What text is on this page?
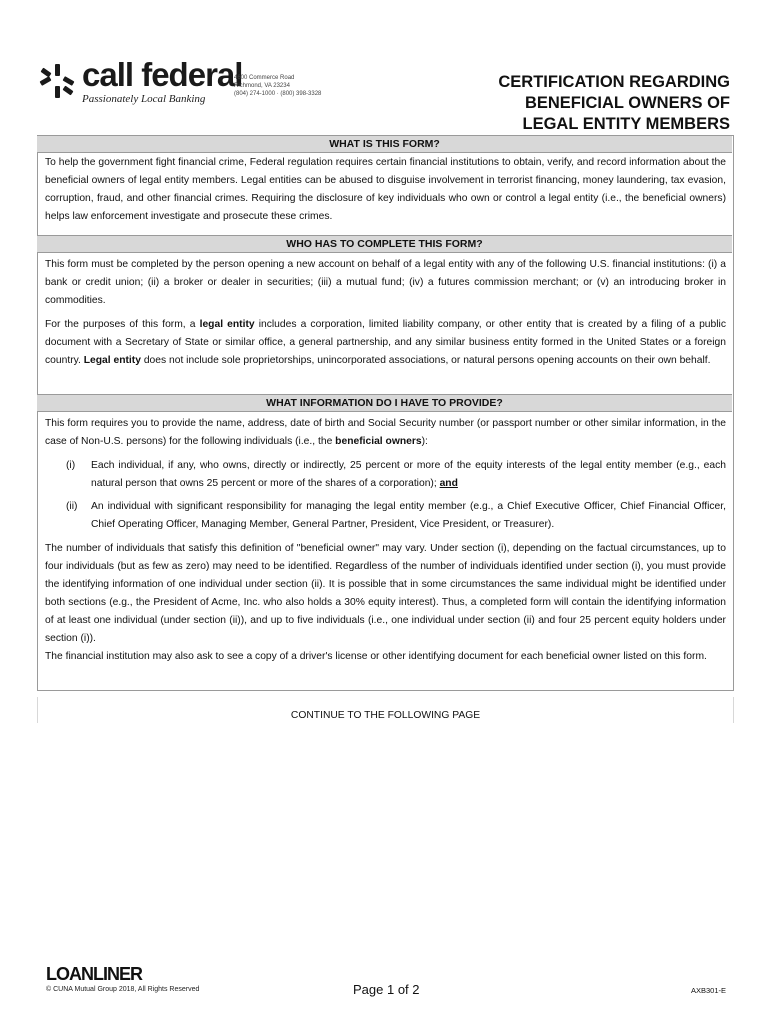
call federal
Passionately Local Banking
4600 Commerce Road
Richmond, VA 23234
(804) 274-1000 · (800) 398-3328
CERTIFICATION REGARDING
BENEFICIAL OWNERS OF
LEGAL ENTITY MEMBERS
WHAT IS THIS FORM?
To help the government fight financial crime, Federal regulation requires certain financial institutions to obtain, verify, and record information about the beneficial owners of legal entity members. Legal entities can be abused to disguise involvement in terrorist financing, money laundering, tax evasion, corruption, fraud, and other financial crimes. Requiring the disclosure of key individuals who own or control a legal entity (i.e., the beneficial owners) helps law enforcement investigate and prosecute these crimes.
WHO HAS TO COMPLETE THIS FORM?
This form must be completed by the person opening a new account on behalf of a legal entity with any of the following U.S. financial institutions: (i) a bank or credit union; (ii) a broker or dealer in securities; (iii) a mutual fund; (iv) a futures commission merchant; or (v) an introducing broker in commodities.
For the purposes of this form, a legal entity includes a corporation, limited liability company, or other entity that is created by a filing of a public document with a Secretary of State or similar office, a general partnership, and any similar business entity formed in the United States or a foreign country. Legal entity does not include sole proprietorships, unincorporated associations, or natural persons opening accounts on their own behalf.
WHAT INFORMATION DO I HAVE TO PROVIDE?
This form requires you to provide the name, address, date of birth and Social Security number (or passport number or other similar information, in the case of Non-U.S. persons) for the following individuals (i.e., the beneficial owners):
(i) Each individual, if any, who owns, directly or indirectly, 25 percent or more of the equity interests of the legal entity member (e.g., each natural person that owns 25 percent or more of the shares of a corporation); and
(ii) An individual with significant responsibility for managing the legal entity member (e.g., a Chief Executive Officer, Chief Financial Officer, Chief Operating Officer, Managing Member, General Partner, President, Vice President, or Treasurer).
The number of individuals that satisfy this definition of "beneficial owner" may vary. Under section (i), depending on the factual circumstances, up to four individuals (but as few as zero) may need to be identified. Regardless of the number of individuals identified under section (i), you must provide the identifying information of one individual under section (ii). It is possible that in some circumstances the same individual might be identified under both sections (e.g., the President of Acme, Inc. who also holds a 30% equity interest). Thus, a completed form will contain the identifying information of at least one individual (under section (ii)), and up to five individuals (i.e., one individual under section (ii) and four 25 percent equity holders under section (i)).
The financial institution may also ask to see a copy of a driver's license or other identifying document for each beneficial owner listed on this form.
CONTINUE TO THE FOLLOWING PAGE
LOANLINER
© CUNA Mutual Group 2018, All Rights Reserved	Page 1 of 2	AXB301-E
